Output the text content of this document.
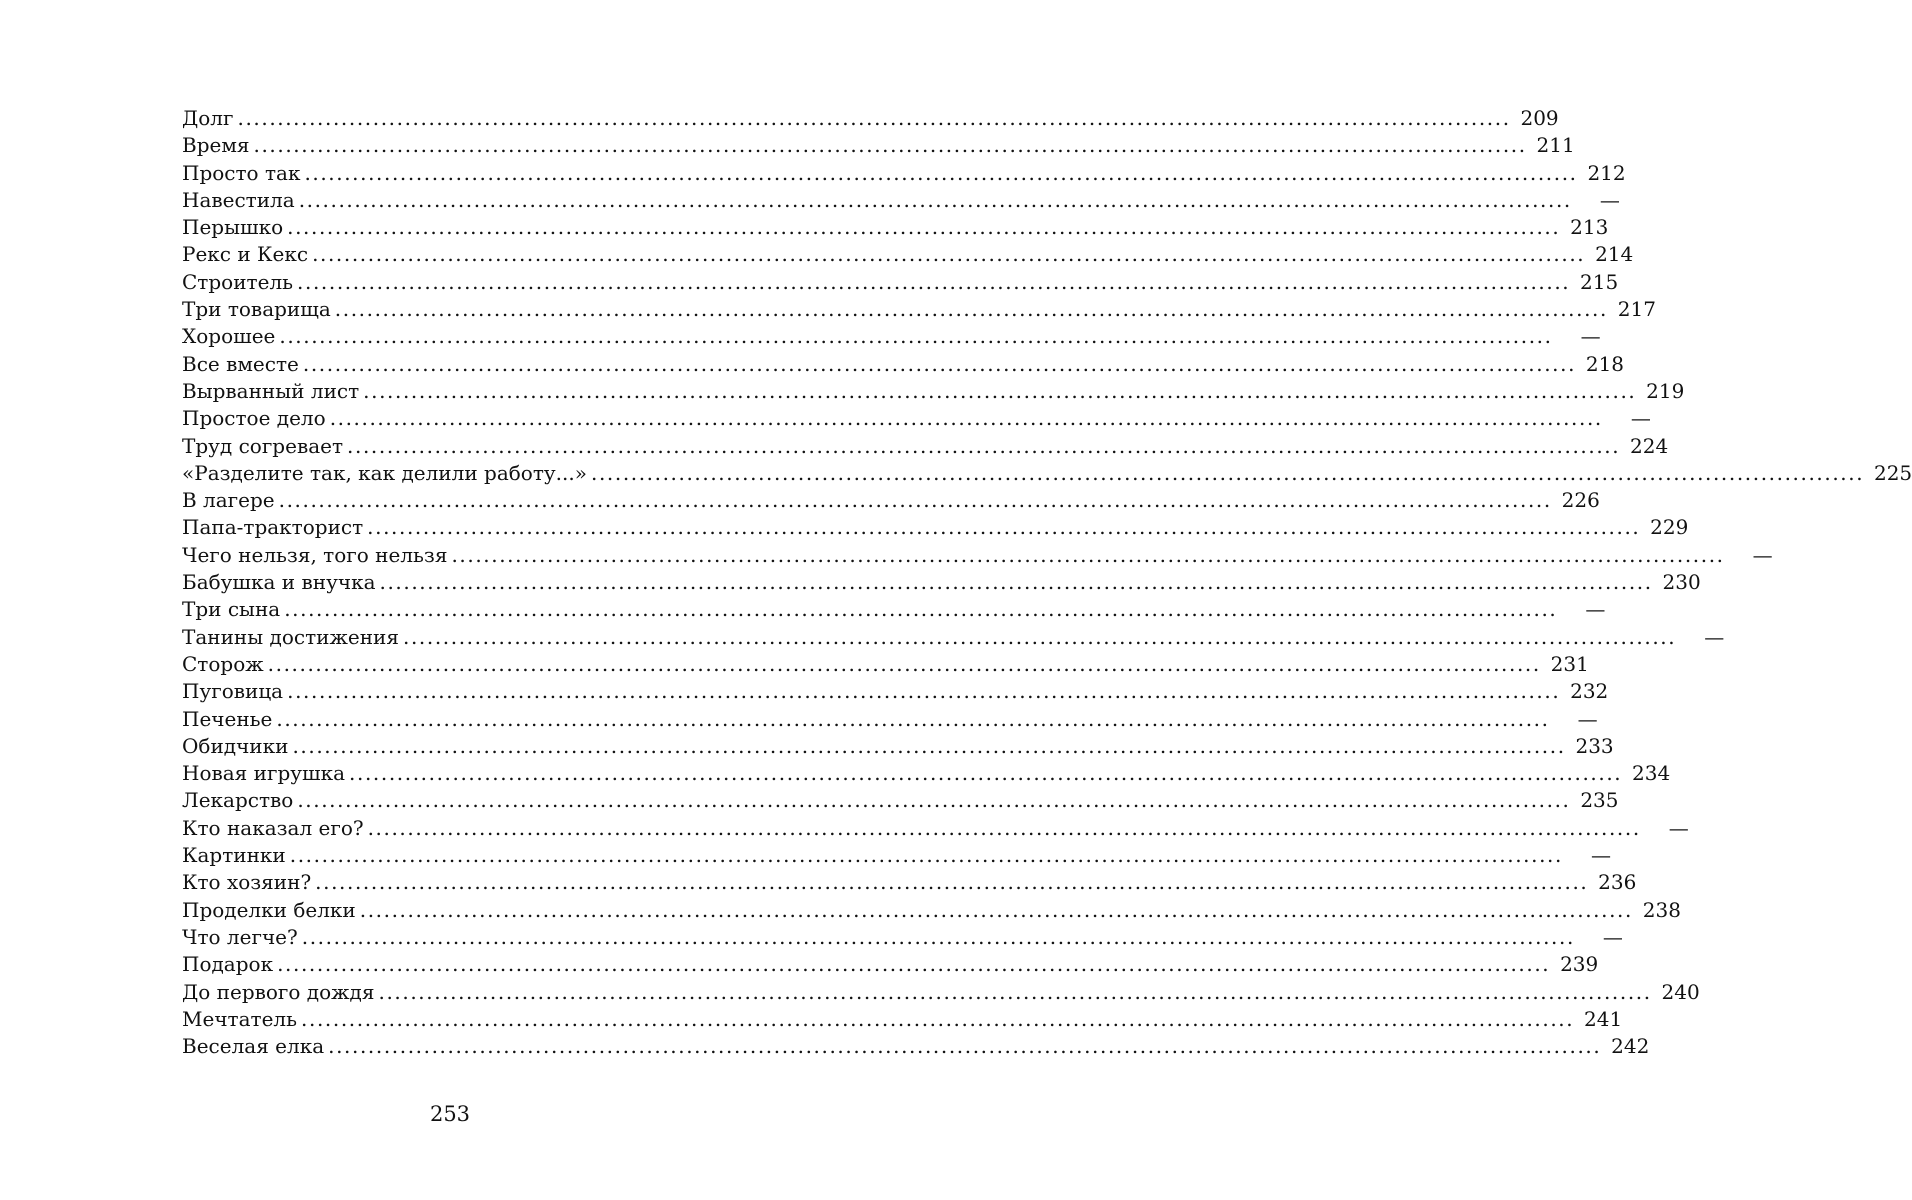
Долг ................................................................................................................................................................ 209
Время ................................................................................................................................................................ 211
Просто так ................................................................................................................................................................ 212
Навестила ................................................................................................................................................................	—
Перышко ................................................................................................................................................................ 213
Рекс и Кекс ................................................................................................................................................................ 214
Строитель ................................................................................................................................................................ 215
Три товарища ................................................................................................................................................................ 217
Хорошее ................................................................................................................................................................	—
Все вместе ................................................................................................................................................................ 218
Вырванный лист ................................................................................................................................................................ 219
Простое дело ................................................................................................................................................................	—
Труд согревает ................................................................................................................................................................ 224
«Разделите так, как делили работу...» ................................................................................................................................................................ 225
В лагере ................................................................................................................................................................ 226
Папа-тракторист ................................................................................................................................................................ 229
Чего нельзя, того нельзя ................................................................................................................................................................	—
Бабушка и внучка ................................................................................................................................................................ 230
Три сына ................................................................................................................................................................	—
Танины достижения ................................................................................................................................................................	—
Сторож ................................................................................................................................................................ 231
Пуговица ................................................................................................................................................................ 232
Печенье ................................................................................................................................................................	—
Обидчики ................................................................................................................................................................ 233
Новая игрушка ................................................................................................................................................................ 234
Лекарство ................................................................................................................................................................ 235
Кто наказал его? ................................................................................................................................................................	—
Картинки ................................................................................................................................................................	—
Кто хозяин? ................................................................................................................................................................ 236
Проделки белки ................................................................................................................................................................ 238
Что легче? ................................................................................................................................................................	—
Подарок ................................................................................................................................................................ 239
До первого дождя ................................................................................................................................................................ 240
Мечтатель ................................................................................................................................................................ 241
Веселая елка ................................................................................................................................................................ 242
253
